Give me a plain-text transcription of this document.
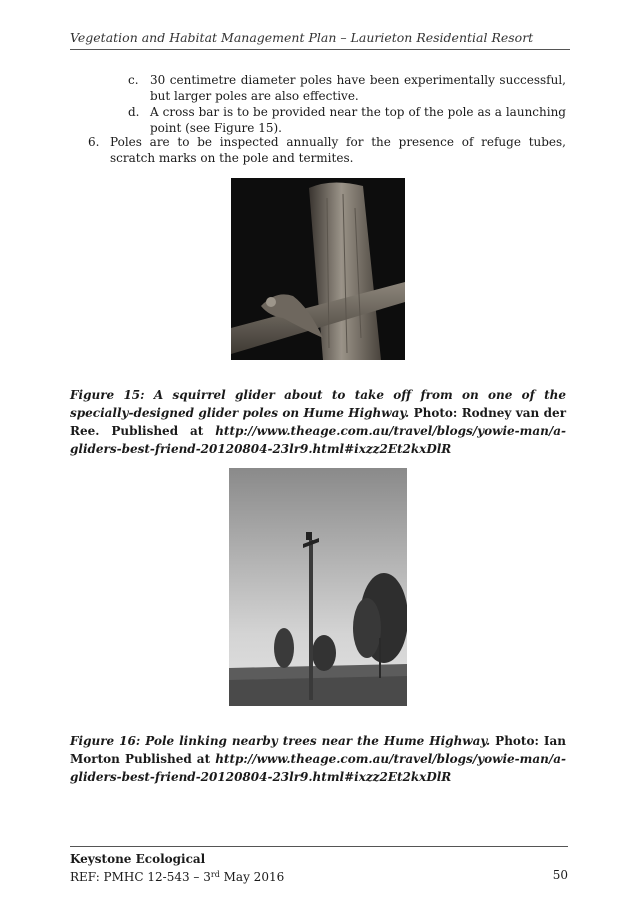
Vegetation and Habitat Management Plan – Laurieton Residential Resort
c. 30 centimetre diameter poles have been experimentally successful, but larger poles are also effective.
d. A cross bar is to be provided near the top of the pole as a launching point (see Figure 15).
6. Poles are to be inspected annually for the presence of refuge tubes, scratch marks on the pole and termites.
Figure 15: A squirrel glider about to take off from on one of the specially-designed glider poles on Hume Highway. Photo: Rodney van der Ree. Published at http://www.theage.com.au/travel/blogs/yowie-man/a-gliders-best-friend-20120804-23lr9.html#ixzz2Et2kxDlR
Figure 16: Pole linking nearby trees near the Hume Highway. Photo: Ian Morton Published at http://www.theage.com.au/travel/blogs/yowie-man/a-gliders-best-friend-20120804-23lr9.html#ixzz2Et2kxDlR
Keystone Ecological
REF: PMHC 12-543 – 3rd May 2016	50
